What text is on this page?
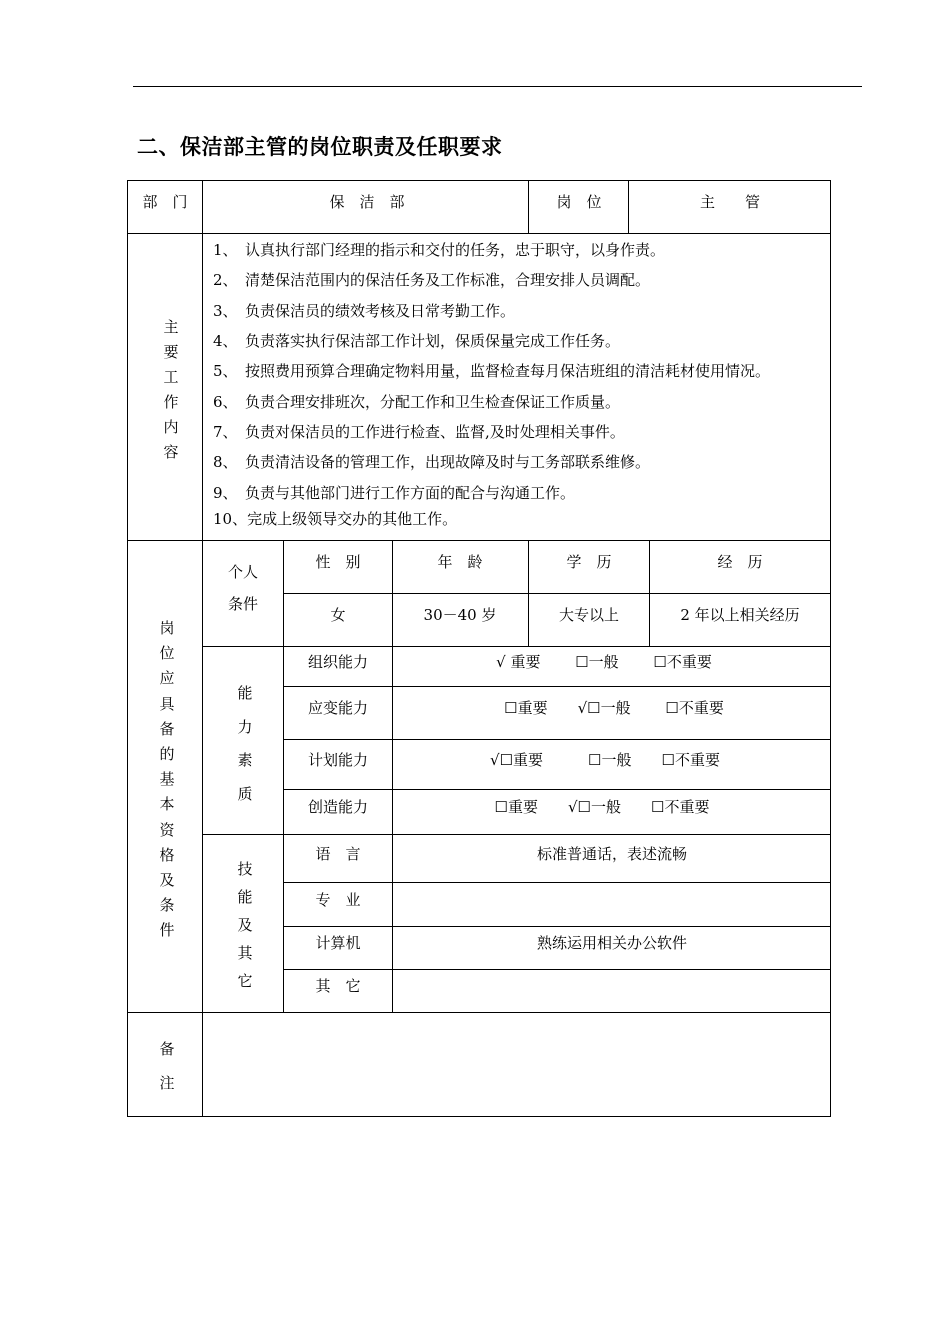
二、保洁部主管的岗位职责及任职要求
部　门	保　洁　部	岗　位	主　　管
主
要
工
作
内
容
1、　认真执行部门经理的指示和交付的任务，忠于职守，以身作责。
2、　清楚保洁范围内的保洁任务及工作标准，合理安排人员调配。
3、　负责保洁员的绩效考核及日常考勤工作。
4、　负责落实执行保洁部工作计划，保质保量完成工作任务。
5、　按照费用预算合理确定物料用量，监督检查每月保洁班组的清洁耗材使用情况。
6、　负责合理安排班次，分配工作和卫生检查保证工作质量。
7、　负责对保洁员的工作进行检查、监督,及时处理相关事件。
8、　负责清洁设备的管理工作，出现故障及时与工务部联系维修。
9、　负责与其他部门进行工作方面的配合与沟通工作。
10、完成上级领导交办的其他工作。
岗
位
应
具
备
的
基
本
资
格
及
条
件
个人
条件
性　别	年　龄	学　历	经　历
女	30－40 岁	大专以上	2 年以上相关经历
能
力
素
质
组织能力	√ 重要　　 ☐一般　　 ☐不重要
应变能力	☐重要　　√☐一般　　 ☐不重要
计划能力	√☐重要　　　☐一般　　☐不重要
创造能力	☐重要　　√☐一般　　☐不重要
技
能
及
其
它
语　言	标准普通话，表述流畅
专　业
计算机	熟练运用相关办公软件
其　它
备
注
